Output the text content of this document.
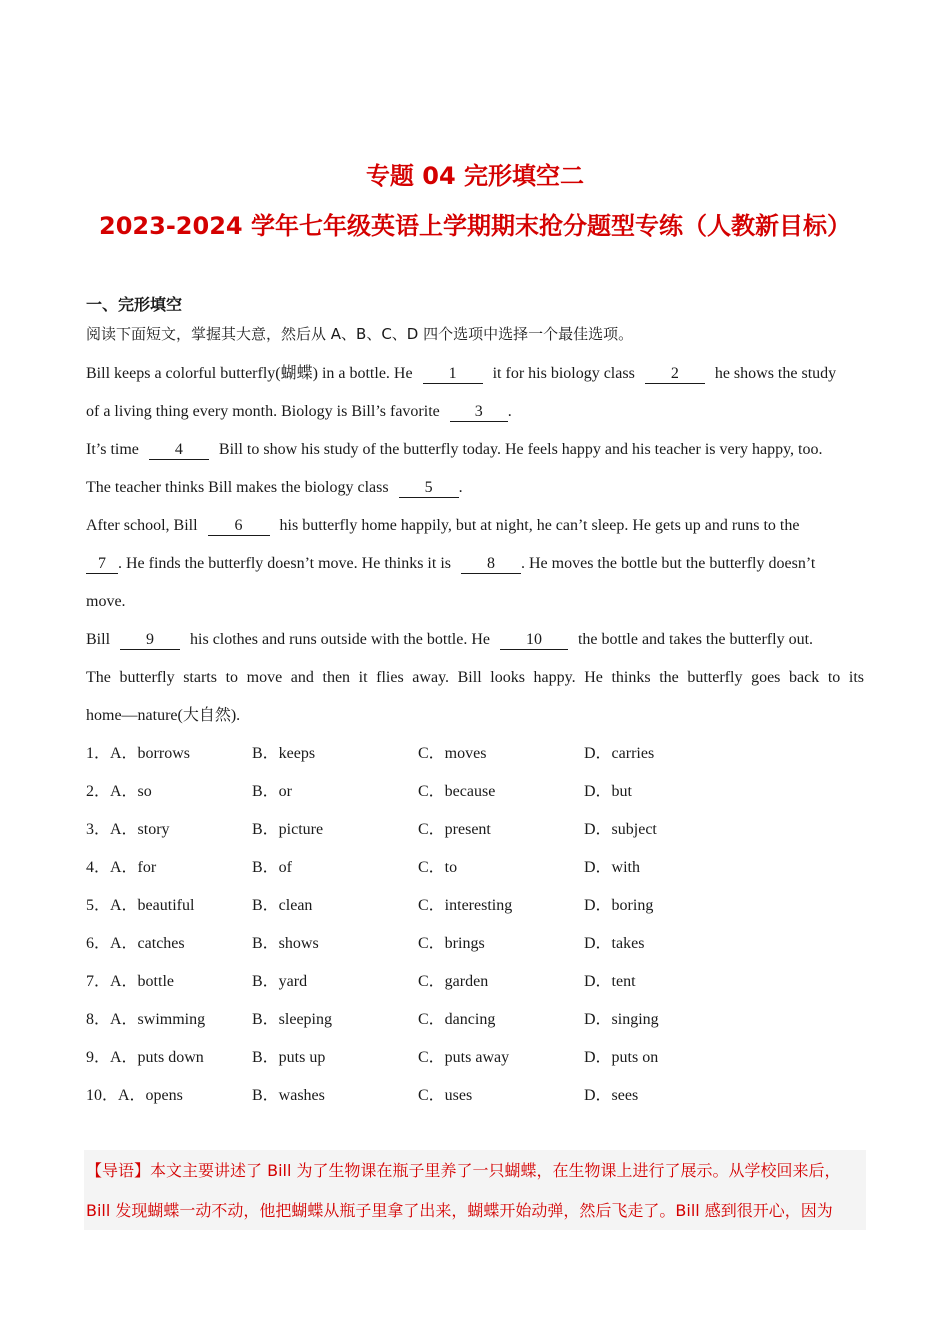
专题 04 完形填空二
2023-2024 学年七年级英语上学期期末抢分题型专练（人教新目标）
一、完形填空
阅读下面短文，掌握其大意，然后从 A、B、C、D 四个选项中选择一个最佳选项。
Bill keeps a colorful butterfly(蝴蝶) in a bottle. He 1 it for his biology class 2 he shows the study
of a living thing every month. Biology is Bill’s favorite 3 .
It’s time 4 Bill to show his study of the butterfly today. He feels happy and his teacher is very happy, too.
The teacher thinks Bill makes the biology class 5 .
After school, Bill 6 his butterfly home happily, but at night, he can’t sleep. He gets up and runs to the
7 . He finds the butterfly doesn’t move. He thinks it is 8 . He moves the bottle but the butterfly doesn’t
move.
Bill 9 his clothes and runs outside with the bottle. He 10 the bottle and takes the butterfly out.
The butterfly starts to move and then it flies away. Bill looks happy. He thinks the butterfly goes back to its
home—nature(大自然).
1．A．borrows	B．keeps	C．moves	D．carries
2．A．so	B．or	C．because	D．but
3．A．story	B．picture	C．present	D．subject
4．A．for	B．of	C．to	D．with
5．A．beautiful	B．clean	C．interesting	D．boring
6．A．catches	B．shows	C．brings	D．takes
7．A．bottle	B．yard	C．garden	D．tent
8．A．swimming	B．sleeping	C．dancing	D．singing
9．A．puts down	B．puts up	C．puts away	D．puts on
10．A．opens	B．washes	C．uses	D．sees
【导语】本文主要讲述了 Bill 为了生物课在瓶子里养了一只蝴蝶，在生物课上进行了展示。从学校回来后，
Bill 发现蝴蝶一动不动，他把蝴蝶从瓶子里拿了出来，蝴蝶开始动弹，然后飞走了。Bill 感到很开心，因为
